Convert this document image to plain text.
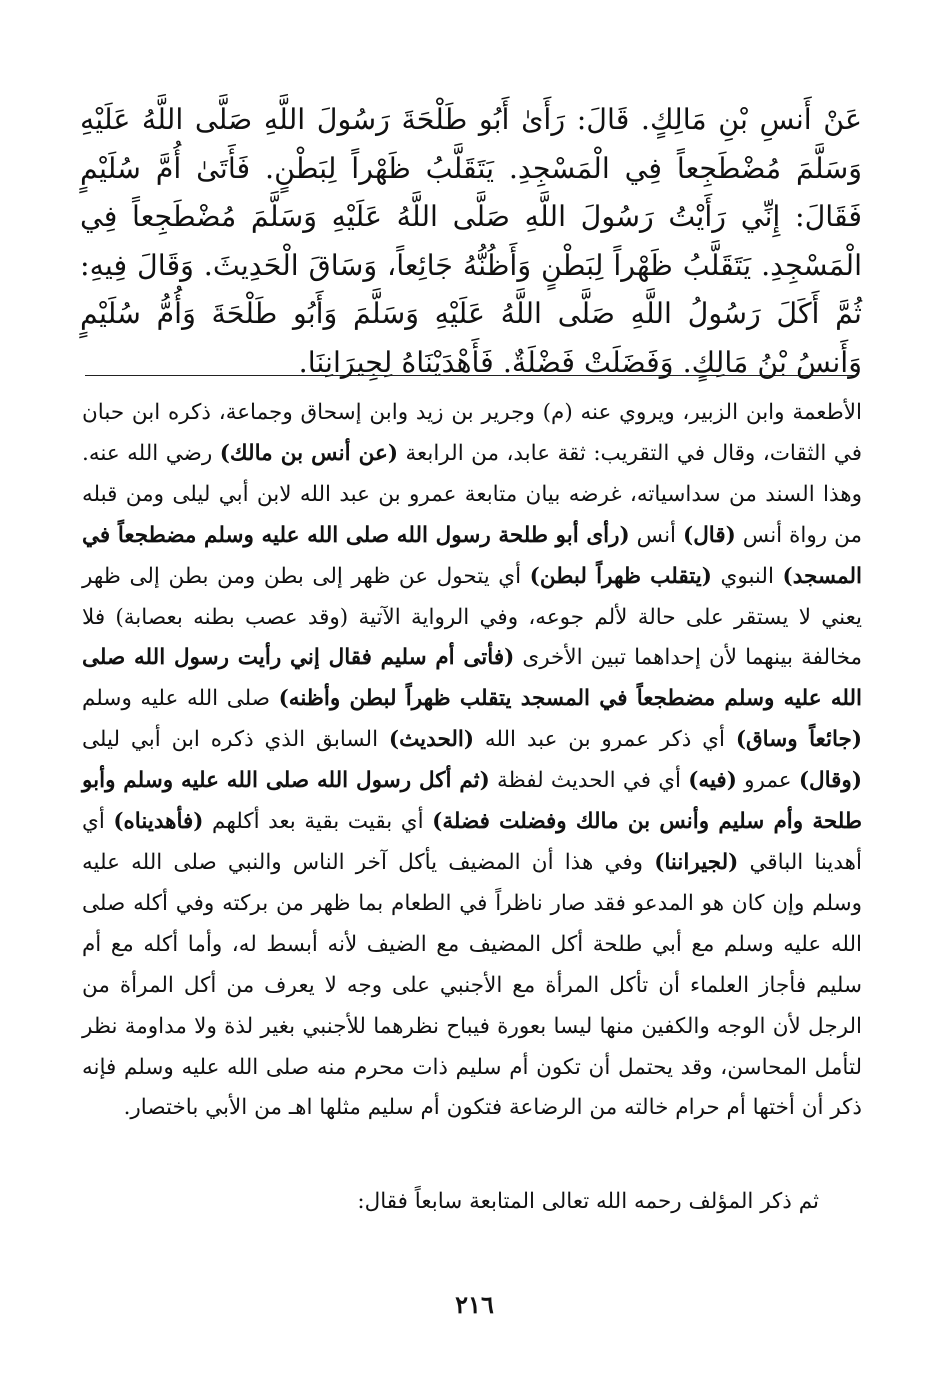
عَنْ أَنسِ بْنِ مَالِكٍ. قَالَ: رَأَىٰ أَبُو طَلْحَةَ رَسُولَ اللَّهِ صَلَّى اللَّهُ عَلَيْهِ وَسَلَّمَ مُضْطَجِعاً فِي الْمَسْجِدِ. يَتَقَلَّبُ ظَهْراً لِبَطْنٍ. فَأَتَىٰ أُمَّ سُلَيْمٍ فَقَالَ: إِنِّي رَأَيْتُ رَسُولَ اللَّهِ صَلَّى اللَّهُ عَلَيْهِ وَسَلَّمَ مُضْطَجِعاً فِي الْمَسْجِدِ. يَتَقَلَّبُ ظَهْراً لِبَطْنٍ وَأَظُنُّهُ جَائِعاً، وَسَاقَ الْحَدِيثَ. وَقَالَ فِيهِ: ثُمَّ أَكَلَ رَسُولُ اللَّهِ صَلَّى اللَّهُ عَلَيْهِ وَسَلَّمَ وَأَبُو طَلْحَةَ وَأُمُّ سُلَيْمٍ وَأَنسُ بْنُ مَالِكٍ. وَفَضَلَتْ فَضْلَةٌ. فَأَهْدَيْنَاهُ لِجِيرَانِنَا.

الأطعمة وابن الزبير، ويروي عنه (م) وجرير بن زيد وابن إسحاق وجماعة، ذكره ابن حبان في الثقات، وقال في التقريب: ثقة عابد، من الرابعة (عن أنس بن مالك) رضي الله عنه. وهذا السند من سداسياته، غرضه بيان متابعة عمرو بن عبد الله لابن أبي ليلى ومن قبله من رواة أنس (قال) أنس (رأى أبو طلحة رسول الله صلى الله عليه وسلم مضطجعاً في المسجد) النبوي (يتقلب ظهراً لبطن) أي يتحول عن ظهر إلى بطن ومن بطن إلى ظهر يعني لا يستقر على حالة لألم جوعه، وفي الرواية الآتية (وقد عصب بطنه بعصابة) فلا مخالفة بينهما لأن إحداهما تبين الأخرى (فأتى أم سليم فقال إني رأيت رسول الله صلى الله عليه وسلم مضطجعاً في المسجد يتقلب ظهراً لبطن وأظنه) صلى الله عليه وسلم (جائعاً وساق) أي ذكر عمرو بن عبد الله (الحديث) السابق الذي ذكره ابن أبي ليلى (وقال) عمرو (فيه) أي في الحديث لفظة (ثم أكل رسول الله صلى الله عليه وسلم وأبو طلحة وأم سليم وأنس بن مالك وفضلت فضلة) أي بقيت بقية بعد أكلهم (فأهديناه) أي أهدينا الباقي (لجيراننا) وفي هذا أن المضيف يأكل آخر الناس والنبي صلى الله عليه وسلم وإن كان هو المدعو فقد صار ناظراً في الطعام بما ظهر من بركته وفي أكله صلى الله عليه وسلم مع أبي طلحة أكل المضيف مع الضيف لأنه أبسط له، وأما أكله مع أم سليم فأجاز العلماء أن تأكل المرأة مع الأجنبي على وجه لا يعرف من أكل المرأة من الرجل لأن الوجه والكفين منها ليسا بعورة فيباح نظرهما للأجنبي بغير لذة ولا مداومة نظر لتأمل المحاسن، وقد يحتمل أن تكون أم سليم ذات محرم منه صلى الله عليه وسلم فإنه ذكر أن أختها أم حرام خالته من الرضاعة فتكون أم سليم مثلها اهـ من الأبي باختصار.

ثم ذكر المؤلف رحمه الله تعالى المتابعة سابعاً فقال:
٢١٦
